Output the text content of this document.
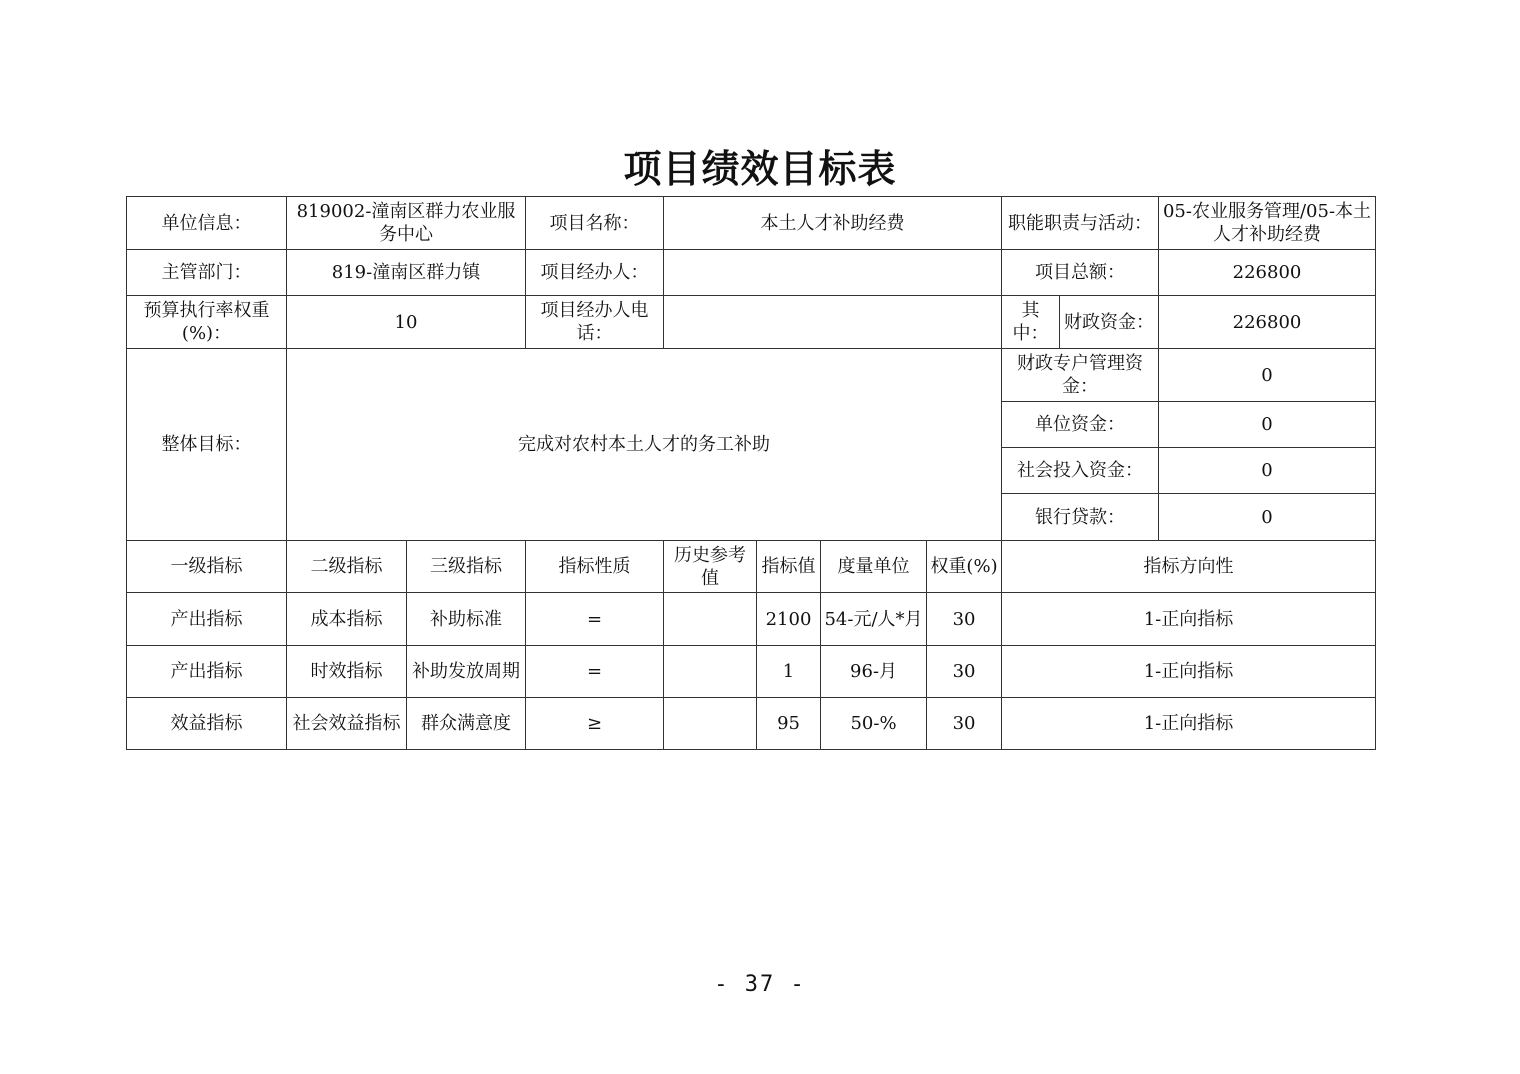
项目绩效目标表
单位信息：	819002-潼南区群力农业服务中心		项目名称：	本土人才补助经费				职能职责与活动：		05-农业服务管理/05-本土人才补助经费
主管部门：	819-潼南区群力镇		项目经办人：					项目总额：		226800
预算执行率权重(%)：	10		项目经办人电话：					其中：	财政资金：	226800
整体目标：	完成对农村本土人才的务工补助							财政专户管理资金：		0
								单位资金：		0
								社会投入资金：		0
								银行贷款：		0
一级指标	二级指标	三级指标	指标性质	历史参考值	指标值	度量单位	权重(%)	指标方向性		
产出指标	成本指标	补助标准	=		2100	54-元/人*月	30	1-正向指标		
产出指标	时效指标	补助发放周期	=		1	96-月	30	1-正向指标		
效益指标	社会效益指标	群众满意度	≥		95	50-%	30	1-正向指标		
- 37 -
